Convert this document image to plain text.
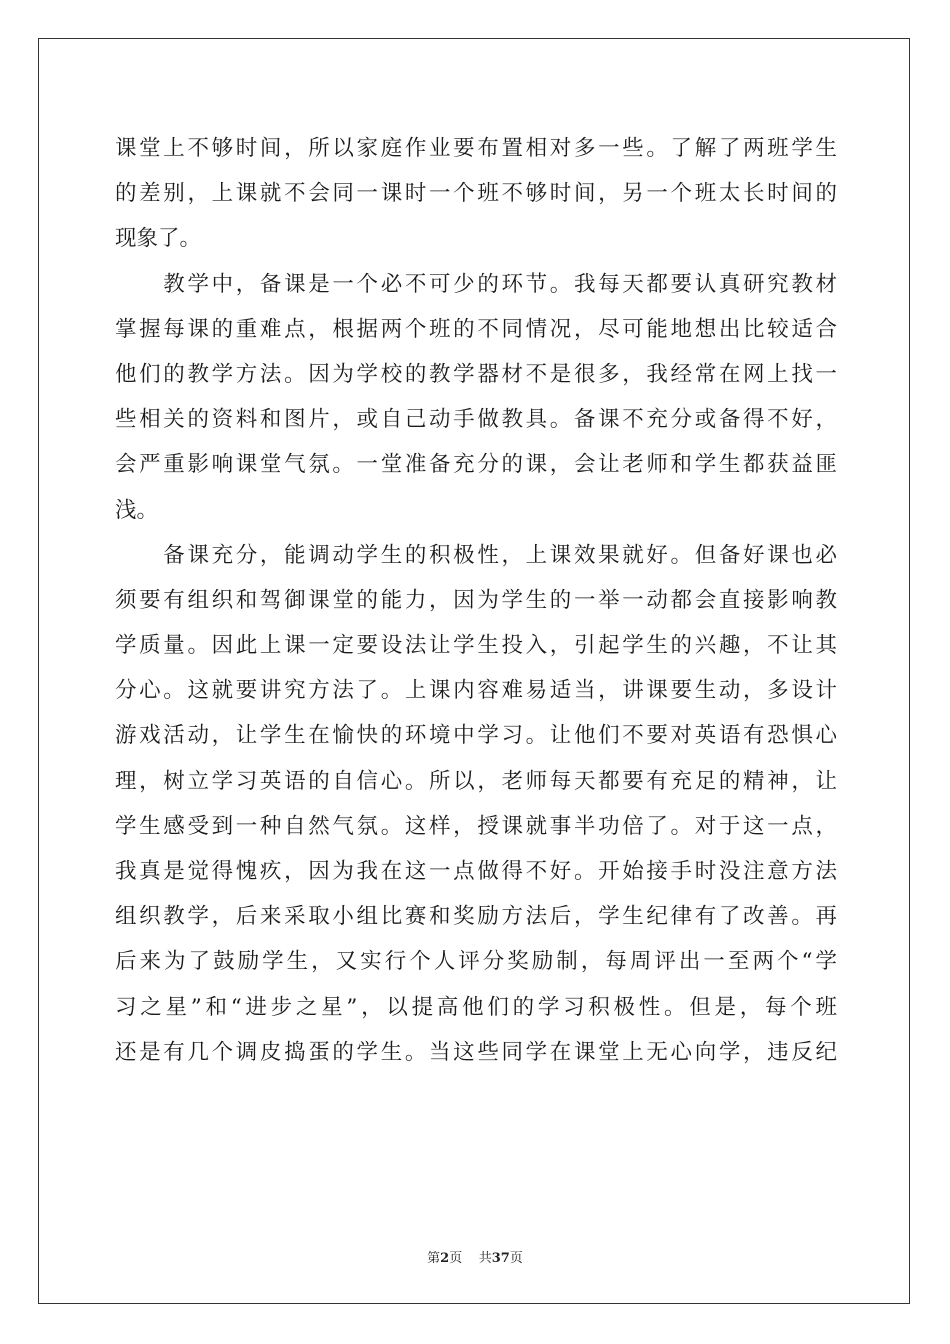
课堂上不够时间，所以家庭作业要布置相对多一些。了解了两班学生
的差别，上课就不会同一课时一个班不够时间，另一个班太长时间的
现象了。
　　教学中，备课是一个必不可少的环节。我每天都要认真研究教材
掌握每课的重难点，根据两个班的不同情况，尽可能地想出比较适合
他们的教学方法。因为学校的教学器材不是很多，我经常在网上找一
些相关的资料和图片，或自己动手做教具。备课不充分或备得不好，
会严重影响课堂气氛。一堂准备充分的课，会让老师和学生都获益匪
浅。
　　备课充分，能调动学生的积极性，上课效果就好。但备好课也必
须要有组织和驾御课堂的能力，因为学生的一举一动都会直接影响教
学质量。因此上课一定要设法让学生投入，引起学生的兴趣，不让其
分心。这就要讲究方法了。上课内容难易适当，讲课要生动，多设计
游戏活动，让学生在愉快的环境中学习。让他们不要对英语有恐惧心
理，树立学习英语的自信心。所以，老师每天都要有充足的精神，让
学生感受到一种自然气氛。这样，授课就事半功倍了。对于这一点，
我真是觉得愧疚，因为我在这一点做得不好。开始接手时没注意方法
组织教学，后来采取小组比赛和奖励方法后，学生纪律有了改善。再
后来为了鼓励学生，又实行个人评分奖励制，每周评出一至两个“学
习之星”和“进步之星”，以提高他们的学习积极性。但是，每个班
还是有几个调皮捣蛋的学生。当这些同学在课堂上无心向学，违反纪
第2页 共37页
